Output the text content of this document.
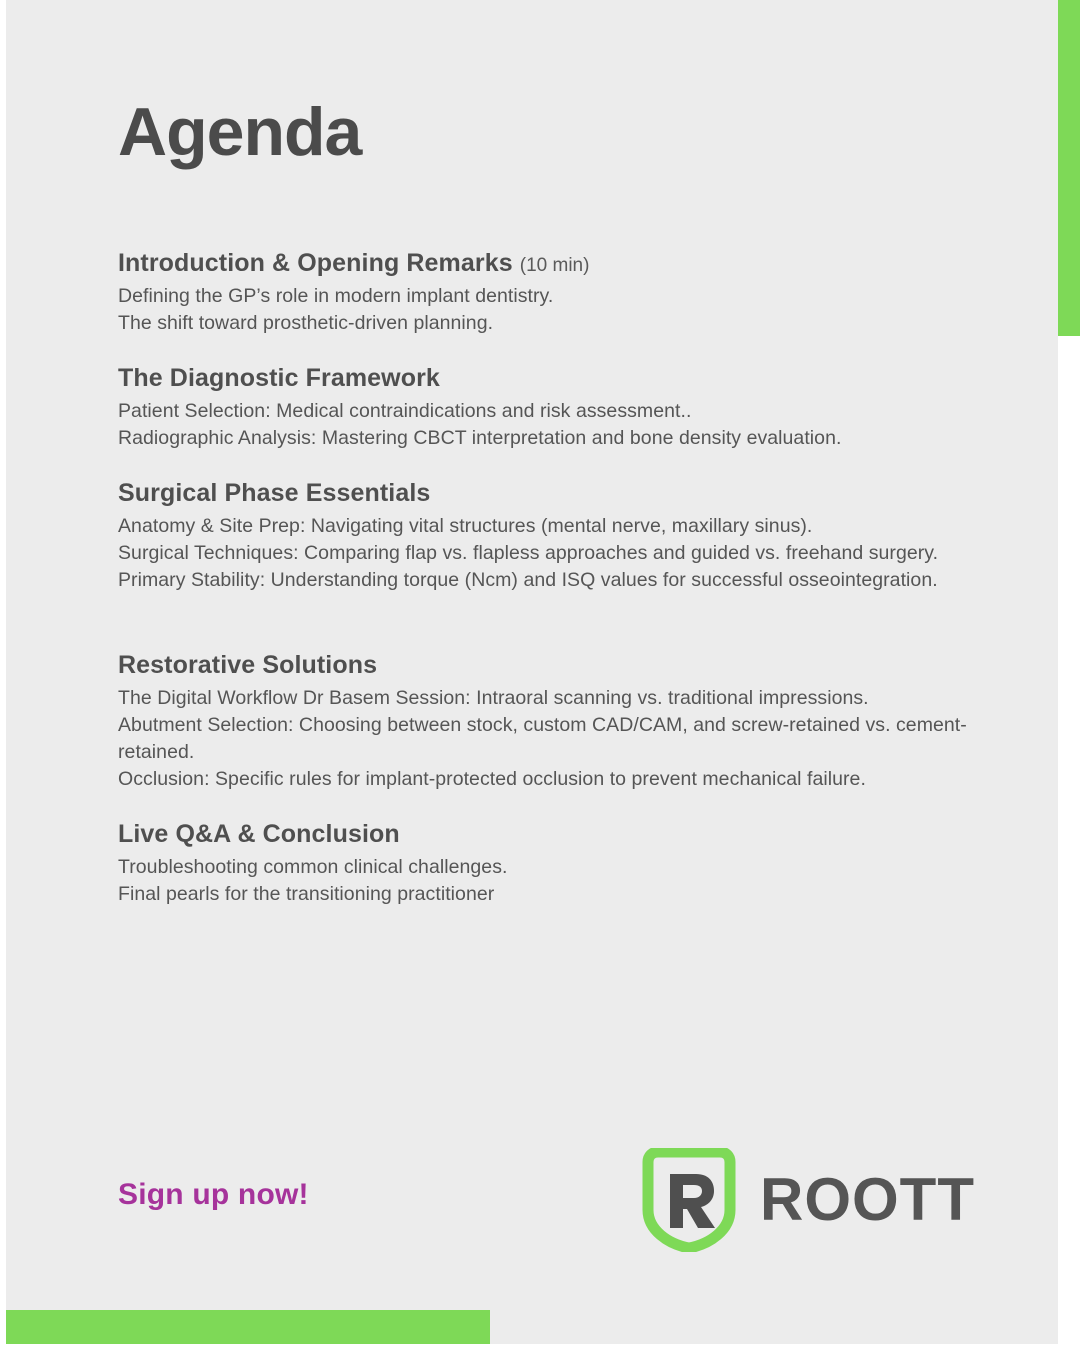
Agenda
Introduction & Opening Remarks (10 min)
Defining the GP’s role in modern implant dentistry.
The shift toward prosthetic-driven planning.
The Diagnostic Framework
Patient Selection: Medical contraindications and risk assessment..
Radiographic Analysis: Mastering CBCT interpretation and bone density evaluation.
Surgical Phase Essentials
Anatomy & Site Prep: Navigating vital structures (mental nerve, maxillary sinus).
Surgical Techniques: Comparing flap vs. flapless approaches and guided vs. freehand surgery.
Primary Stability: Understanding torque (Ncm) and ISQ values for successful osseointegration.
Restorative Solutions
The Digital Workflow Dr Basem Session: Intraoral scanning vs. traditional impressions.
Abutment Selection: Choosing between stock, custom CAD/CAM, and screw-retained vs. cement-retained.
Occlusion: Specific rules for implant-protected occlusion to prevent mechanical failure.
Live Q&A & Conclusion
Troubleshooting common clinical challenges.
Final pearls for the transitioning practitioner
Sign up now!	ROOTT
